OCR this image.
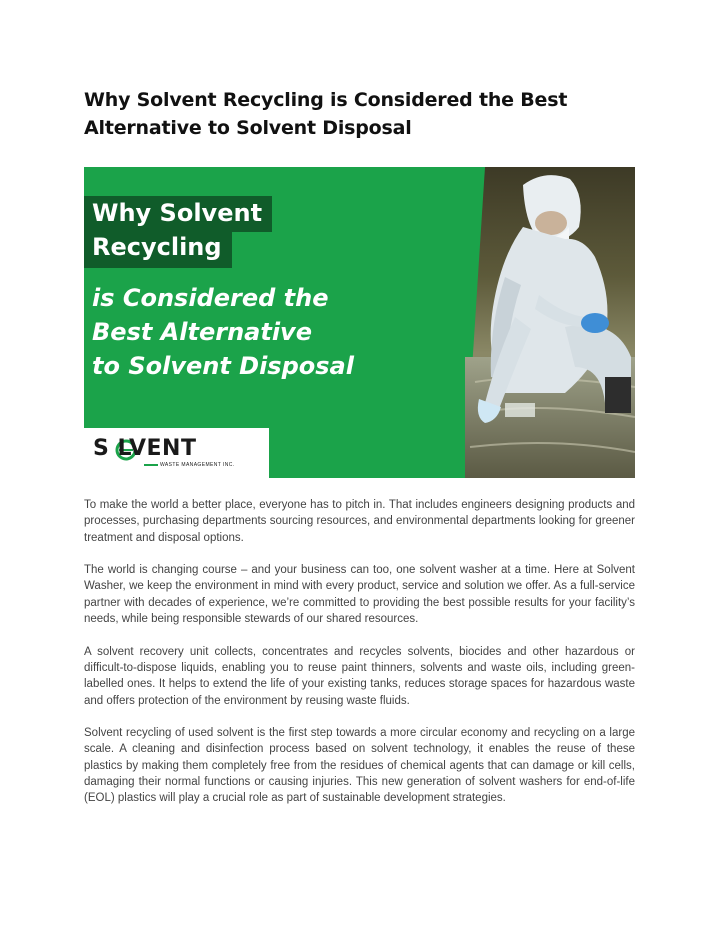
Why Solvent Recycling is Considered the Best
Alternative to Solvent Disposal
Why Solvent
Recycling
is Considered the
Best Alternative
to Solvent Disposal
S LVENT
WASTE MANAGEMENT INC.

To make the world a better place, everyone has to pitch in. That includes engineers designing products and processes, purchasing departments sourcing resources, and environmental departments looking for greener treatment and disposal options.

The world is changing course – and your business can too, one solvent washer at a time. Here at Solvent Washer, we keep the environment in mind with every product, service and solution we offer. As a full-service partner with decades of experience, we’re committed to providing the best possible results for your facility’s needs, while being responsible stewards of our shared resources.

A solvent recovery unit collects, concentrates and recycles solvents, biocides and other hazardous or difficult-to-dispose liquids, enabling you to reuse paint thinners, solvents and waste oils, including green-labelled ones. It helps to extend the life of your existing tanks, reduces storage spaces for hazardous waste and offers protection of the environment by reusing waste fluids.

Solvent recycling of used solvent is the first step towards a more circular economy and recycling on a large scale. A cleaning and disinfection process based on solvent technology, it enables the reuse of these plastics by making them completely free from the residues of chemical agents that can damage or kill cells, damaging their normal functions or causing injuries. This new generation of solvent washers for end-of-life (EOL) plastics will play a crucial role as part of sustainable development strategies.
